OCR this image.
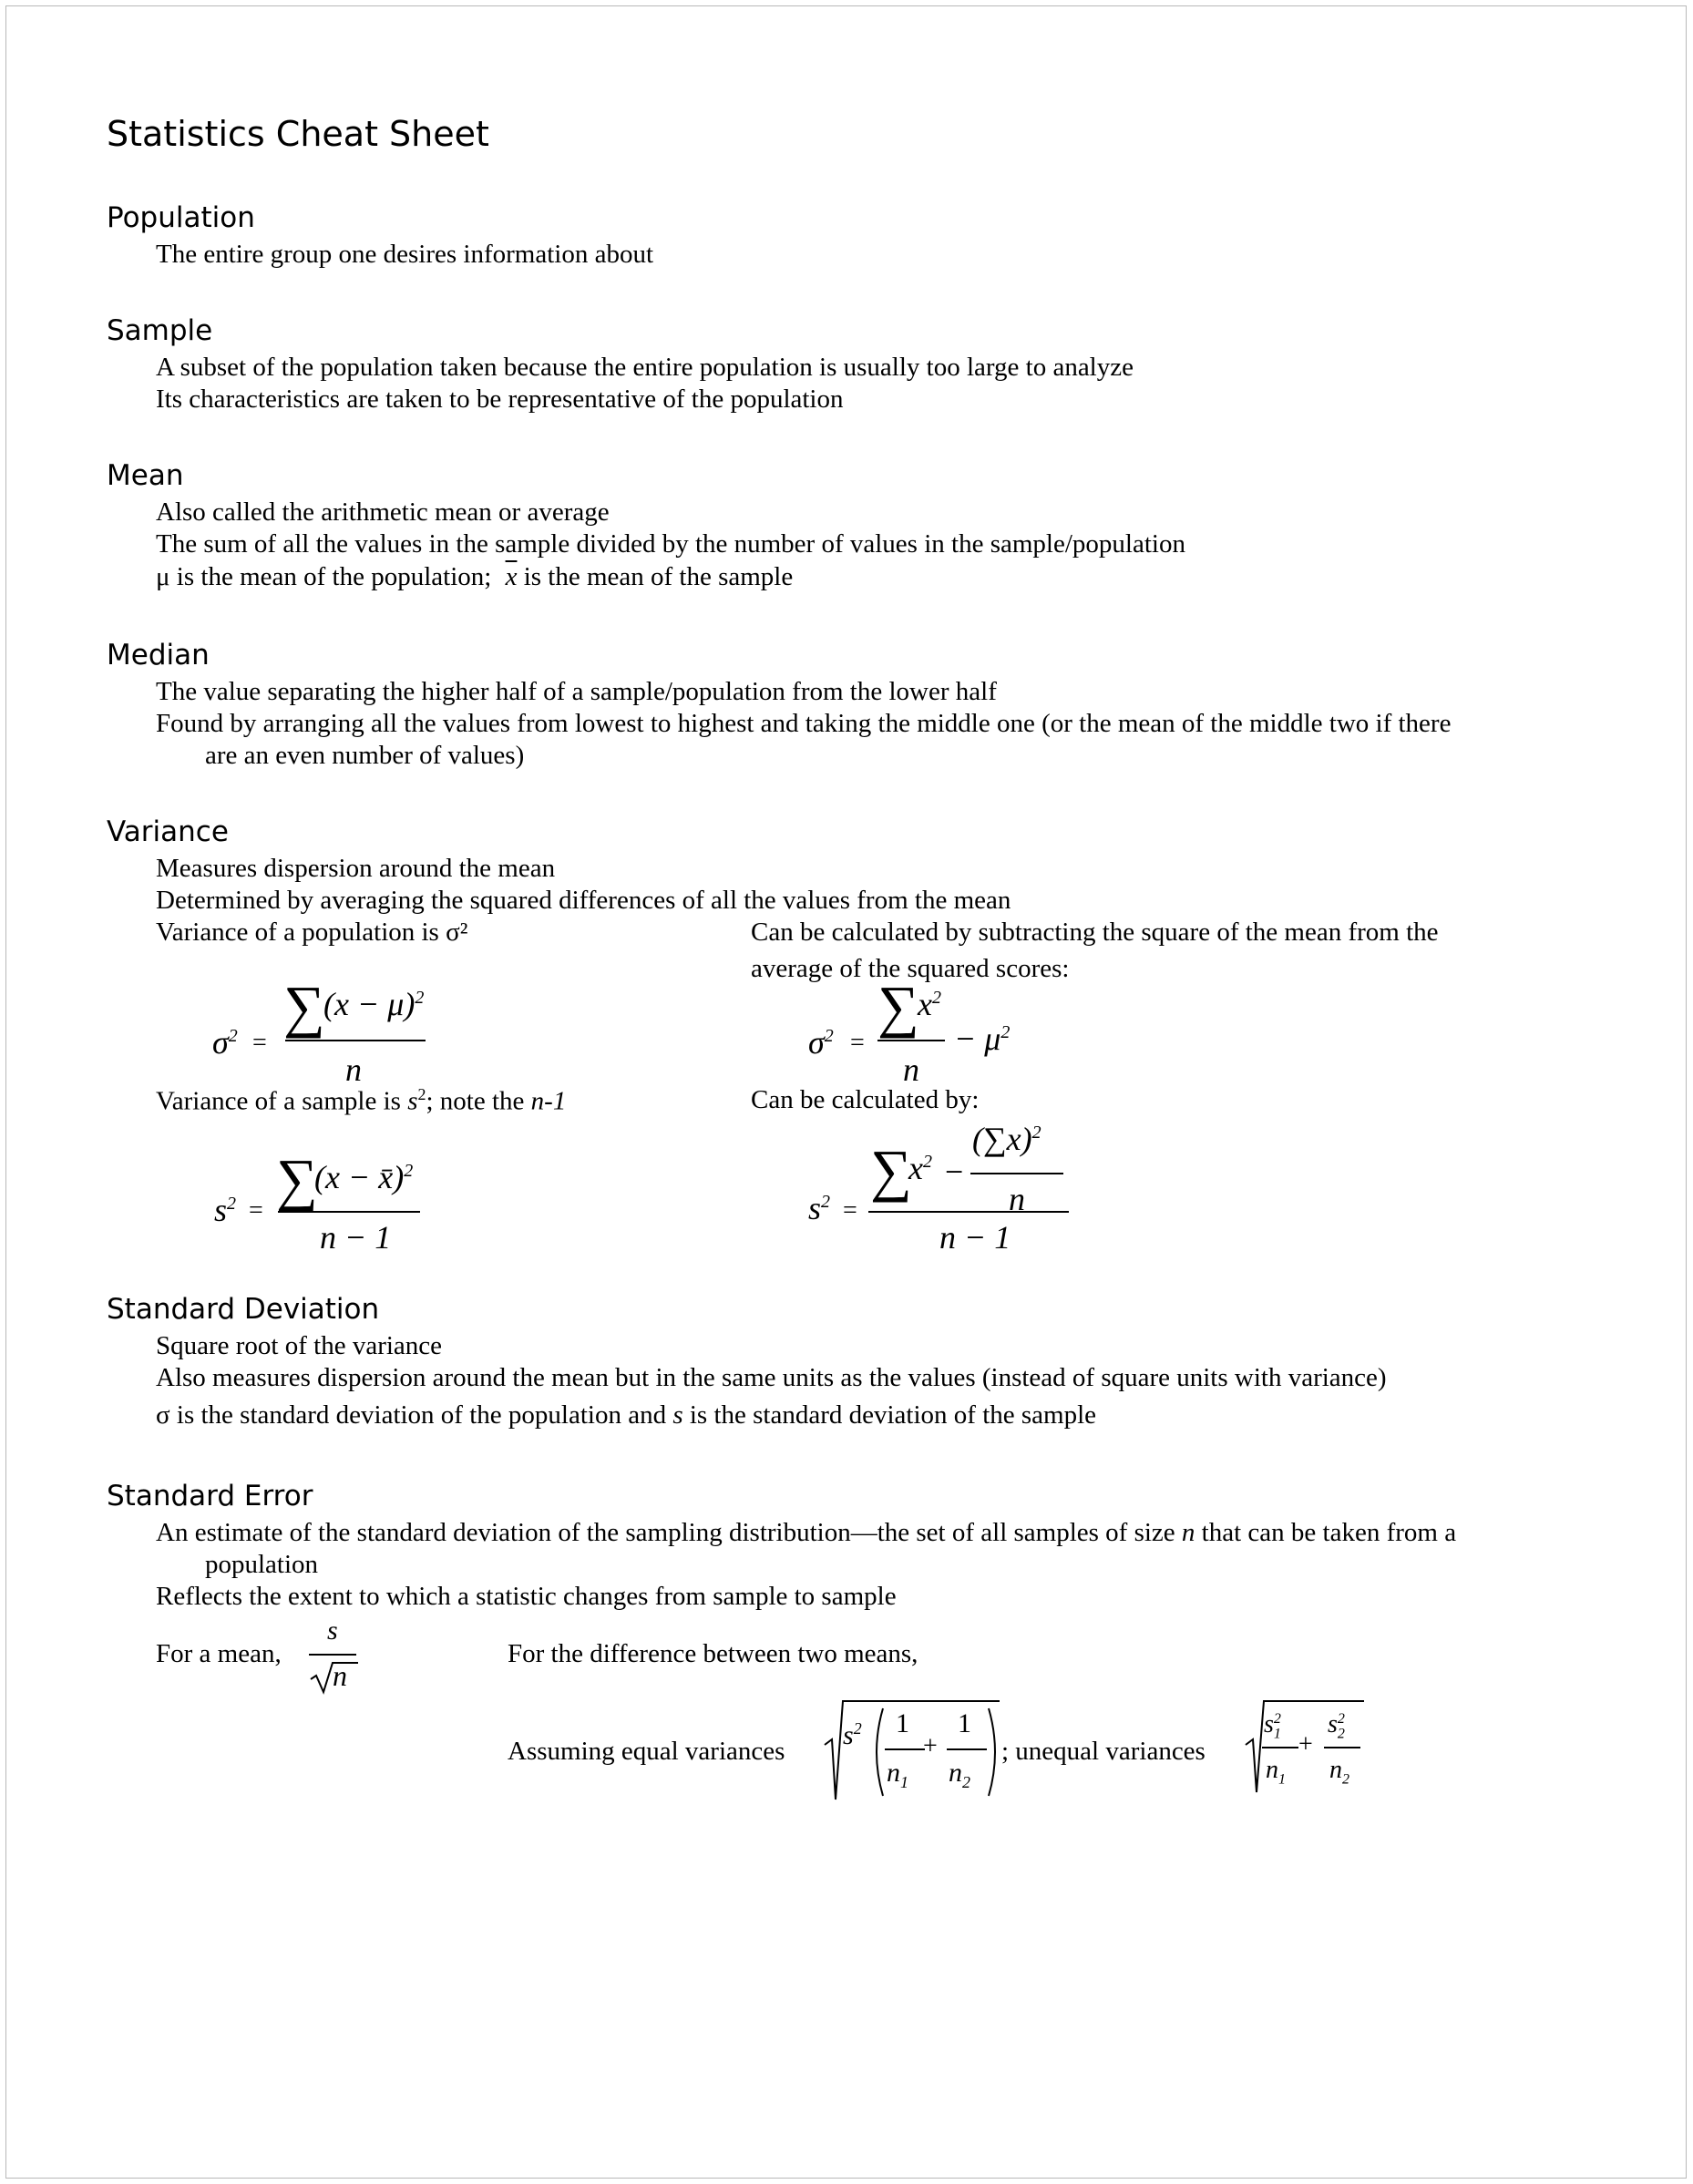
Statistics Cheat Sheet
Population
The entire group one desires information about
Sample
A subset of the population taken because the entire population is usually too large to analyze
Its characteristics are taken to be representative of the population
Mean
Also called the arithmetic mean or average
The sum of all the values in the sample divided by the number of values in the sample/population
μ is the mean of the population; $\overline{x}$ is the mean of the sample
Median
The value separating the higher half of a sample/population from the lower half
Found by arranging all the values from lowest to highest and taking the middle one (or the mean of the middle two if there
are an even number of values)
Variance
Measures dispersion around the mean
Determined by averaging the squared differences of all the values from the mean
Variance of a population is σ²	Can be calculated by subtracting the square of the mean from the
average of the squared scores:
$\sigma^2$ =
∑
$(x - \mu)^2$
n
$\sigma^2$ =
∑
$x^2$
n
− $\mu^2$
Variance of a sample is $s^2$; note the n-1	Can be calculated by:
$s^2$ = ∑
(x − x̄)$^2$
n − 1
$s^2$ =
∑
$x^2$ −
$(\sum x)^2$
n
n − 1
Standard Deviation
Square root of the variance
Also measures dispersion around the mean but in the same units as the values (instead of square units with variance)
σ is the standard deviation of the population and s is the standard deviation of the sample
Standard Error
An estimate of the standard deviation of the sampling distribution—the set of all samples of size n that can be taken from a
population
Reflects the extent to which a statistic changes from sample to sample
For a mean,
s
n
For the difference between two means,
Assuming equal variances
$s^2$ 1
$n_1$
+
1
$n_2$
; unequal variances
$s_1^2$
$n_1$
+
$s_2^2$
$n_2$
